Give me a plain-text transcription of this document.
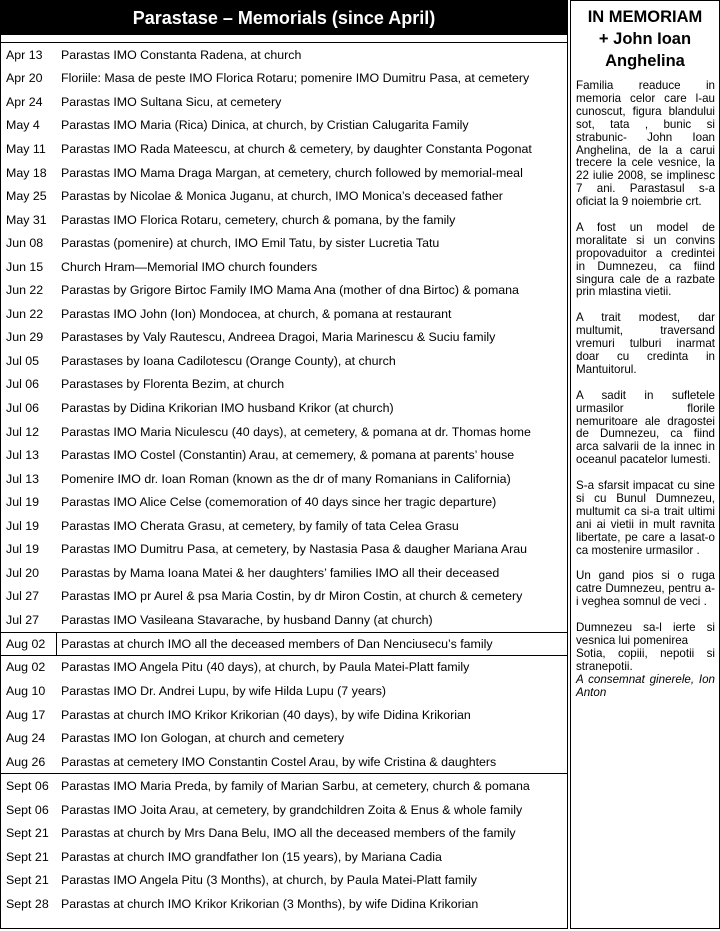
Parastase – Memorials (since April)
Apr 13	Parastas IMO Constanta Radena, at church
Apr 20	Floriile: Masa de peste IMO Florica Rotaru; pomenire IMO Dumitru Pasa, at cemetery
Apr 24	Parastas IMO Sultana Sicu, at cemetery
May 4	Parastas IMO Maria (Rica) Dinica, at church, by Cristian Calugarita Family
May 11	Parastas IMO Rada Mateescu, at church & cemetery, by daughter Constanta Pogonat
May 18	Parastas IMO Mama Draga Margan, at cemetery, church followed by memorial-meal
May 25	Parastas by Nicolae & Monica Juganu, at church, IMO Monica’s deceased father
May 31	Parastas IMO Florica Rotaru, cemetery, church & pomana, by the family
Jun 08	Parastas (pomenire) at church, IMO Emil Tatu, by sister Lucretia Tatu
Jun 15	Church Hram—Memorial IMO church founders
Jun 22	Parastas by Grigore Birtoc Family IMO Mama Ana (mother of dna Birtoc) & pomana
Jun 22	Parastas IMO John (Ion) Mondocea, at church, & pomana at restaurant
Jun 29	Parastases by Valy Rautescu, Andreea Dragoi, Maria Marinescu & Suciu family
Jul 05	Parastases by Ioana Cadilotescu (Orange County), at church
Jul 06	Parastases by Florenta Bezim, at church
Jul 06	Parastas by Didina Krikorian IMO husband Krikor (at church)
Jul 12	Parastas IMO Maria Niculescu (40 days), at cemetery, & pomana at dr. Thomas home
Jul 13	Parastas IMO Costel (Constantin) Arau, at cememery, & pomana at parents’ house
Jul 13	Pomenire IMO dr. Ioan Roman (known as the dr of many Romanians in California)
Jul 19	Parastas IMO Alice Celse (comemoration of 40 days since her tragic departure)
Jul 19	Parastas IMO Cherata Grasu, at cemetery, by family of tata Celea Grasu
Jul 19	Parastas IMO Dumitru Pasa, at cemetery, by Nastasia Pasa & daugher Mariana Arau
Jul 20	Parastas by Mama Ioana Matei & her daughters’ families IMO all their deceased
Jul 27	Parastas IMO pr Aurel & psa Maria Costin, by dr Miron Costin, at church & cemetery
Jul 27	Parastas IMO Vasileana Stavarache, by husband Danny (at church)
Aug 02	Parastas at church IMO all the deceased members of Dan Nenciusecu’s family
Aug 02	Parastas IMO Angela Pitu (40 days), at church, by Paula Matei-Platt family
Aug 10	Parastas IMO Dr. Andrei Lupu, by wife Hilda Lupu (7 years)
Aug 17	Parastas at church IMO Krikor Krikorian (40 days), by wife Didina Krikorian
Aug 24	Parastas IMO Ion Gologan, at church and cemetery
Aug 26	Parastas at cemetery IMO Constantin Costel Arau, by wife Cristina & daughters
Sept 06 Parastas IMO Maria Preda, by family of Marian Sarbu, at cemetery, church & pomana
Sept 06 Parastas IMO Joita Arau, at cemetery, by grandchildren Zoita & Enus & whole family
Sept 21 Parastas at church by Mrs Dana Belu, IMO all the deceased members of the family
Sept 21 Parastas at church IMO grandfather Ion (15 years), by Mariana Cadia
Sept 21 Parastas IMO Angela Pitu (3 Months), at church, by Paula Matei-Platt family
Sept 28 Parastas at church IMO Krikor Krikorian (3 Months), by wife Didina Krikorian
IN MEMORIAM
+ John Ioan
Anghelina

Familia readuce in memoria celor care l-au cunoscut, figura blandului sot, tata , bunic si strabunic- John Ioan Anghelina, de la a carui trecere la cele vesnice, la 22 iulie 2008, se implinesc 7 ani. Parastasul s-a oficiat la 9 noiembrie crt.

A fost un model de moralitate si un convins propovaduitor a credintei in Dumnezeu, ca fiind singura cale de a razbate prin mlastina vietii.

A trait modest, dar multumit, traversand vremuri tulburi inarmat doar cu credinta in Mantuitorul.

A sadit in sufletele urmasilor florile nemuritoare ale dragostei de Dumnezeu, ca fiind arca salvarii de la innec in oceanul pacatelor lumesti.

S-a sfarsit impacat cu sine si cu Bunul Dumnezeu, multumit ca si-a trait ultimi ani ai vietii in mult ravnita libertate, pe care a lasat-o ca mostenire urmasilor .

Un gand pios si o ruga catre Dumnezeu, pentru a-i veghea somnul de veci .

Dumnezeu sa-l ierte si vesnica lui pomenirea

Sotia, copiii, nepotii si stranepotii.

A consemnat ginerele, Ion Anton
